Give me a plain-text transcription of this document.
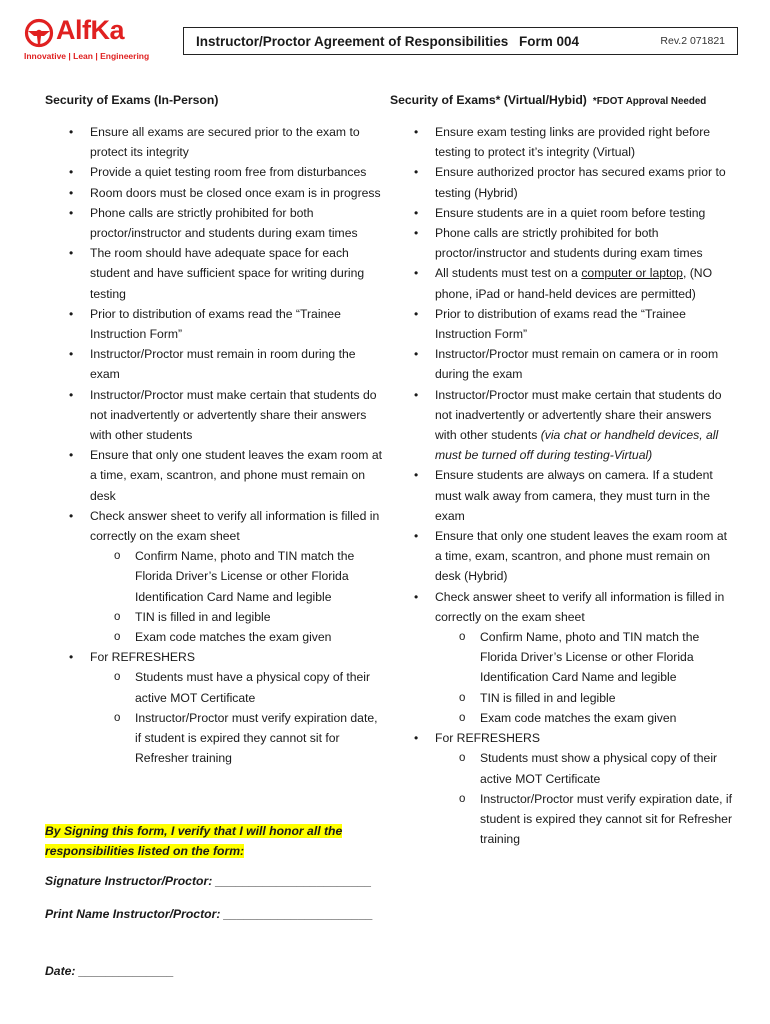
AlfKa
Innovative | Lean | Engineering
Instructor/Proctor Agreement of Responsibilities Form 004	Rev.2 071821
Security of Exams (In-Person)
• Ensure all exams are secured prior to the exam to protect its integrity
• Provide a quiet testing room free from disturbances
• Room doors must be closed once exam is in progress
• Phone calls are strictly prohibited for both proctor/instructor and students during exam times
• The room should have adequate space for each student and have sufficient space for writing during testing
• Prior to distribution of exams read the “Trainee Instruction Form”
• Instructor/Proctor must remain in room during the exam
• Instructor/Proctor must make certain that students do not inadvertently or advertently share their answers with other students
• Ensure that only one student leaves the exam room at a time, exam, scantron, and phone must remain on desk
• Check answer sheet to verify all information is filled in correctly on the exam sheet
o Confirm Name, photo and TIN match the Florida Driver’s License or other Florida Identification Card Name and legible
o TIN is filled in and legible
o Exam code matches the exam given
• For REFRESHERS
o Students must have a physical copy of their active MOT Certificate
o Instructor/Proctor must verify expiration date, if student is expired they cannot sit for Refresher training
Security of Exams* (Virtual/Hybid) *FDOT Approval Needed
• Ensure exam testing links are provided right before testing to protect it’s integrity (Virtual)
• Ensure authorized proctor has secured exams prior to testing (Hybrid)
• Ensure students are in a quiet room before testing
• Phone calls are strictly prohibited for both proctor/instructor and students during exam times
• All students must test on a computer or laptop, (NO phone, iPad or hand-held devices are permitted)
• Prior to distribution of exams read the “Trainee Instruction Form”
• Instructor/Proctor must remain on camera or in room during the exam
• Instructor/Proctor must make certain that students do not inadvertently or advertently share their answers with other students (via chat or handheld devices, all must be turned off during testing-Virtual)
• Ensure students are always on camera. If a student must walk away from camera, they must turn in the exam
• Ensure that only one student leaves the exam room at a time, exam, scantron, and phone must remain on desk (Hybrid)
• Check answer sheet to verify all information is filled in correctly on the exam sheet
o Confirm Name, photo and TIN match the Florida Driver’s License or other Florida Identification Card Name and legible
o TIN is filled in and legible
o Exam code matches the exam given
• For REFRESHERS
o Students must show a physical copy of their active MOT Certificate
o Instructor/Proctor must verify expiration date, if student is expired they cannot sit for Refresher training
By Signing this form, I verify that I will honor all the responsibilities listed on the form:
Signature Instructor/Proctor: _______________________
Print Name Instructor/Proctor: ______________________
Date: ______________
